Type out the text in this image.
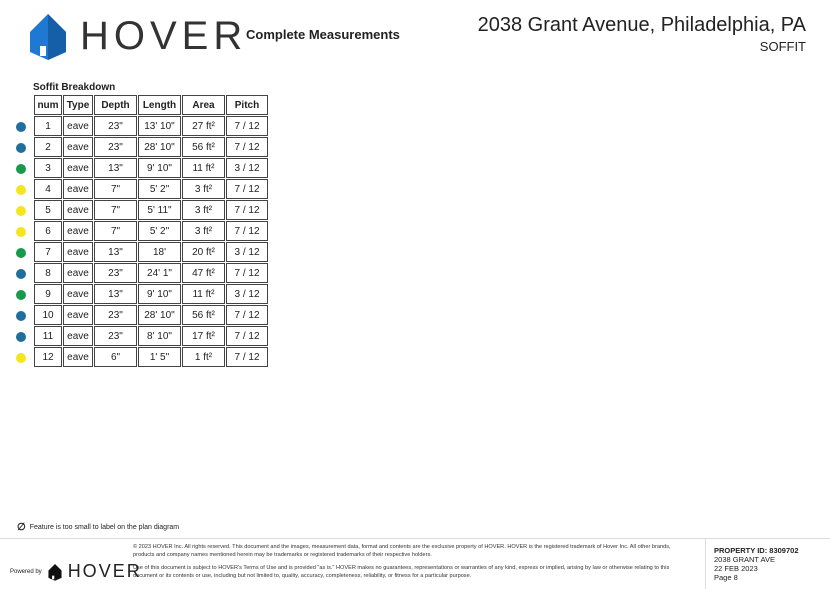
HOVER
Complete Measurements	2038 Grant Avenue, Philadelphia, PA
SOFFIT
Soffit Breakdown
num	Type	Depth	Length	Area	Pitch
1	eave	23"	13' 10"	27 ft²	7 / 12
2	eave	23"	28' 10"	56 ft²	7 / 12
3	eave	13"	9' 10"	11 ft²	3 / 12
4	eave	7"	5' 2"	3 ft²	7 / 12
5	eave	7"	5' 11"	3 ft²	7 / 12
6	eave	7"	5' 2"	3 ft²	7 / 12
7	eave	13"	18'	20 ft²	3 / 12
8	eave	23"	24' 1"	47 ft²	7 / 12
9	eave	13"	9' 10"	11 ft²	3 / 12
10	eave	23"	28' 10"	56 ft²	7 / 12
11	eave	23"	8' 10"	17 ft²	7 / 12
12	eave	6"	1' 5"	1 ft²	7 / 12
∅ Feature is too small to label on the plan diagram
Powered by HOVER

© 2023 HOVER Inc. All rights reserved. This document and the images, measurement data, format and contents are the exclusive property of HOVER. HOVER is the registered trademark of Hover Inc. All other brands, products and company names mentioned herein may be trademarks or registered trademarks of their respective holders.

Use of this document is subject to HOVER's Terms of Use and is provided "as is." HOVER makes no guarantees, representations or warranties of any kind, express or implied, arising by law or otherwise relating to this document or its contents or use, including but not limited to, quality, accuracy, completeness, reliability, or fitness for a particular purpose.

PROPERTY ID: 8309702
2038 GRANT AVE
22 FEB 2023
Page 8
